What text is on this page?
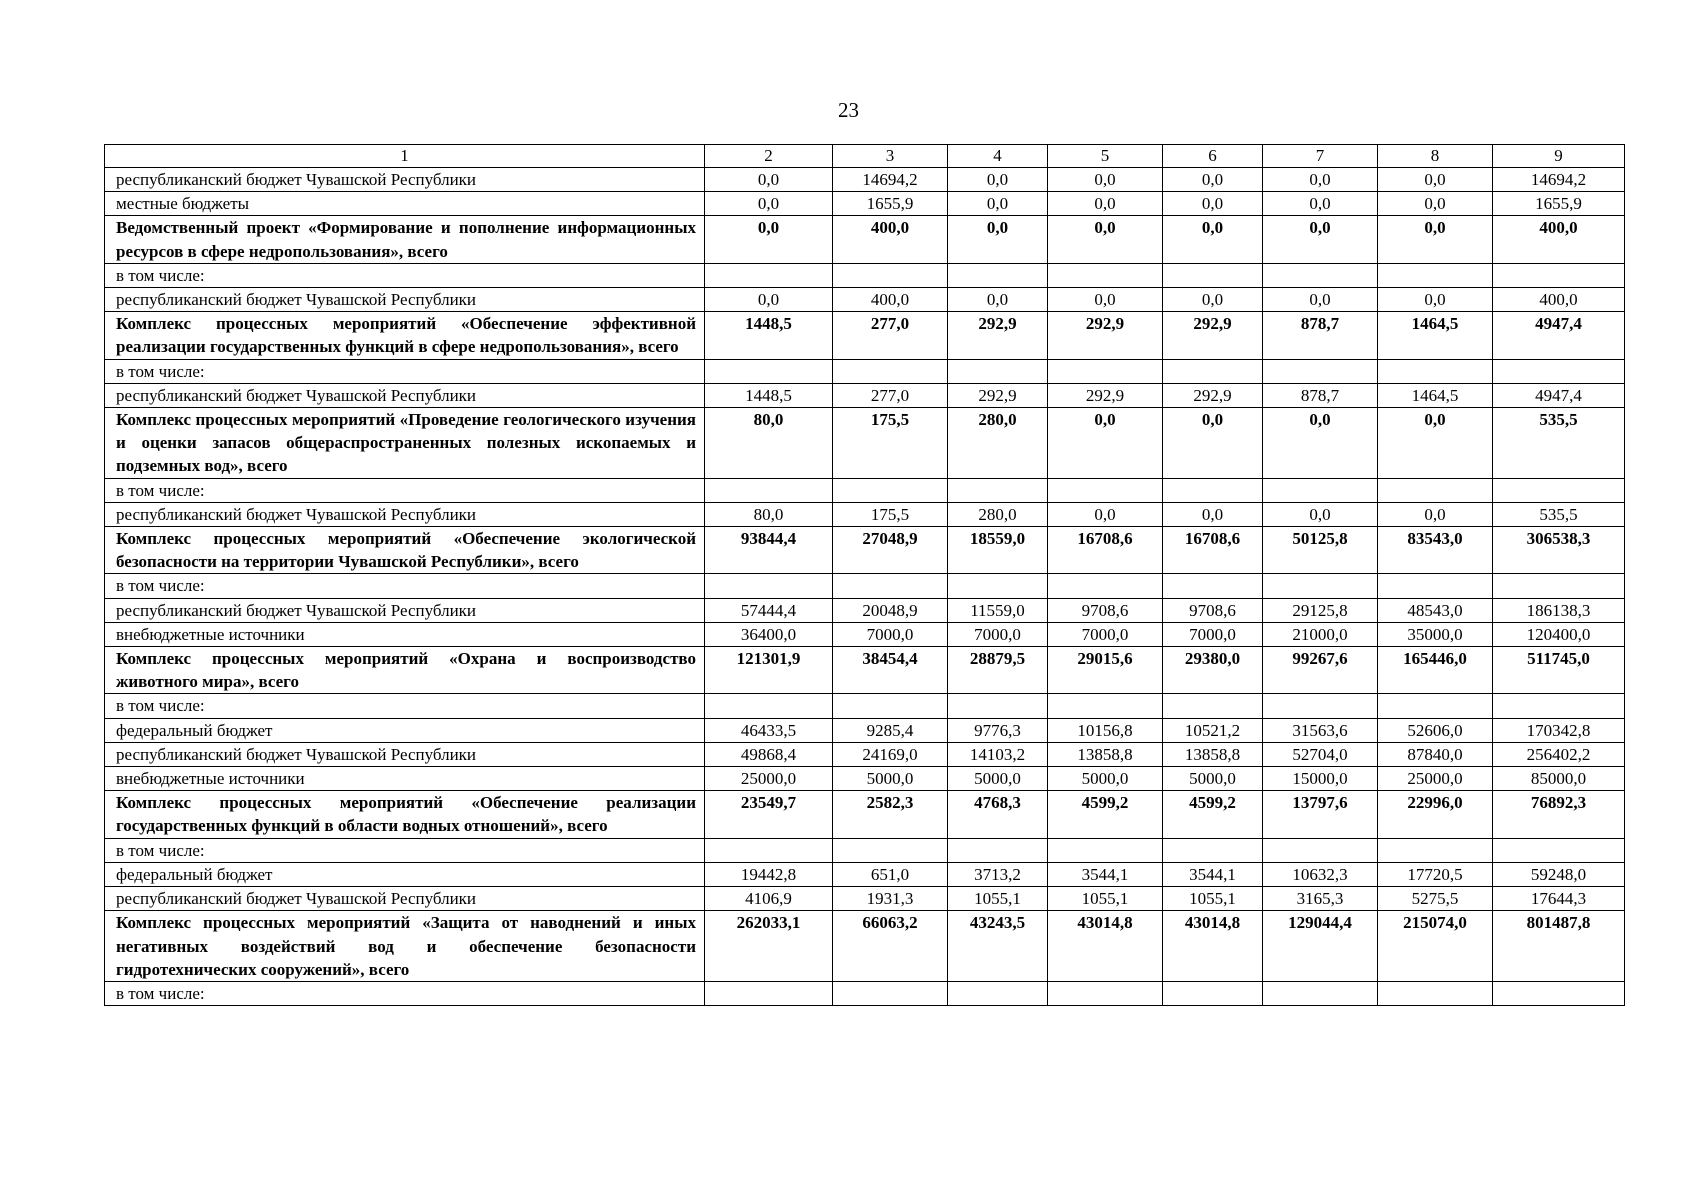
23
1	2	3	4	5	6	7	8	9
республиканский бюджет Чувашской Республики	0,0	14694,2	0,0	0,0	0,0	0,0	0,0	14694,2
местные бюджеты	0,0	1655,9	0,0	0,0	0,0	0,0	0,0	1655,9
Ведомственный проект «Формирование и пополнение информационных ресурсов в сфере недропользования», всего	0,0	400,0	0,0	0,0	0,0	0,0	0,0	400,0
в том числе:								
республиканский бюджет Чувашской Республики	0,0	400,0	0,0	0,0	0,0	0,0	0,0	400,0
Комплекс процессных мероприятий «Обеспечение эффективной реализации государственных функций в сфере недропользования», всего	1448,5	277,0	292,9	292,9	292,9	878,7	1464,5	4947,4
в том числе:								
республиканский бюджет Чувашской Республики	1448,5	277,0	292,9	292,9	292,9	878,7	1464,5	4947,4
Комплекс процессных мероприятий «Проведение геологического изучения и оценки запасов общераспространенных полезных ископаемых и подземных вод», всего	80,0	175,5	280,0	0,0	0,0	0,0	0,0	535,5
в том числе:								
республиканский бюджет Чувашской Республики	80,0	175,5	280,0	0,0	0,0	0,0	0,0	535,5
Комплекс процессных мероприятий «Обеспечение экологической безопасности на территории Чувашской Республики», всего	93844,4	27048,9	18559,0	16708,6	16708,6	50125,8	83543,0	306538,3
в том числе:								
республиканский бюджет Чувашской Республики	57444,4	20048,9	11559,0	9708,6	9708,6	29125,8	48543,0	186138,3
внебюджетные источники	36400,0	7000,0	7000,0	7000,0	7000,0	21000,0	35000,0	120400,0
Комплекс процессных мероприятий «Охрана и воспроизводство животного мира», всего	121301,9	38454,4	28879,5	29015,6	29380,0	99267,6	165446,0	511745,0
в том числе:								
федеральный бюджет	46433,5	9285,4	9776,3	10156,8	10521,2	31563,6	52606,0	170342,8
республиканский бюджет Чувашской Республики	49868,4	24169,0	14103,2	13858,8	13858,8	52704,0	87840,0	256402,2
внебюджетные источники	25000,0	5000,0	5000,0	5000,0	5000,0	15000,0	25000,0	85000,0
Комплекс процессных мероприятий «Обеспечение реализации государственных функций в области водных отношений», всего	23549,7	2582,3	4768,3	4599,2	4599,2	13797,6	22996,0	76892,3
в том числе:								
федеральный бюджет	19442,8	651,0	3713,2	3544,1	3544,1	10632,3	17720,5	59248,0
республиканский бюджет Чувашской Республики	4106,9	1931,3	1055,1	1055,1	1055,1	3165,3	5275,5	17644,3
Комплекс процессных мероприятий «Защита от наводнений и иных негативных воздействий вод и обеспечение безопасности гидротехнических сооружений», всего	262033,1	66063,2	43243,5	43014,8	43014,8	129044,4	215074,0	801487,8
в том числе:								
